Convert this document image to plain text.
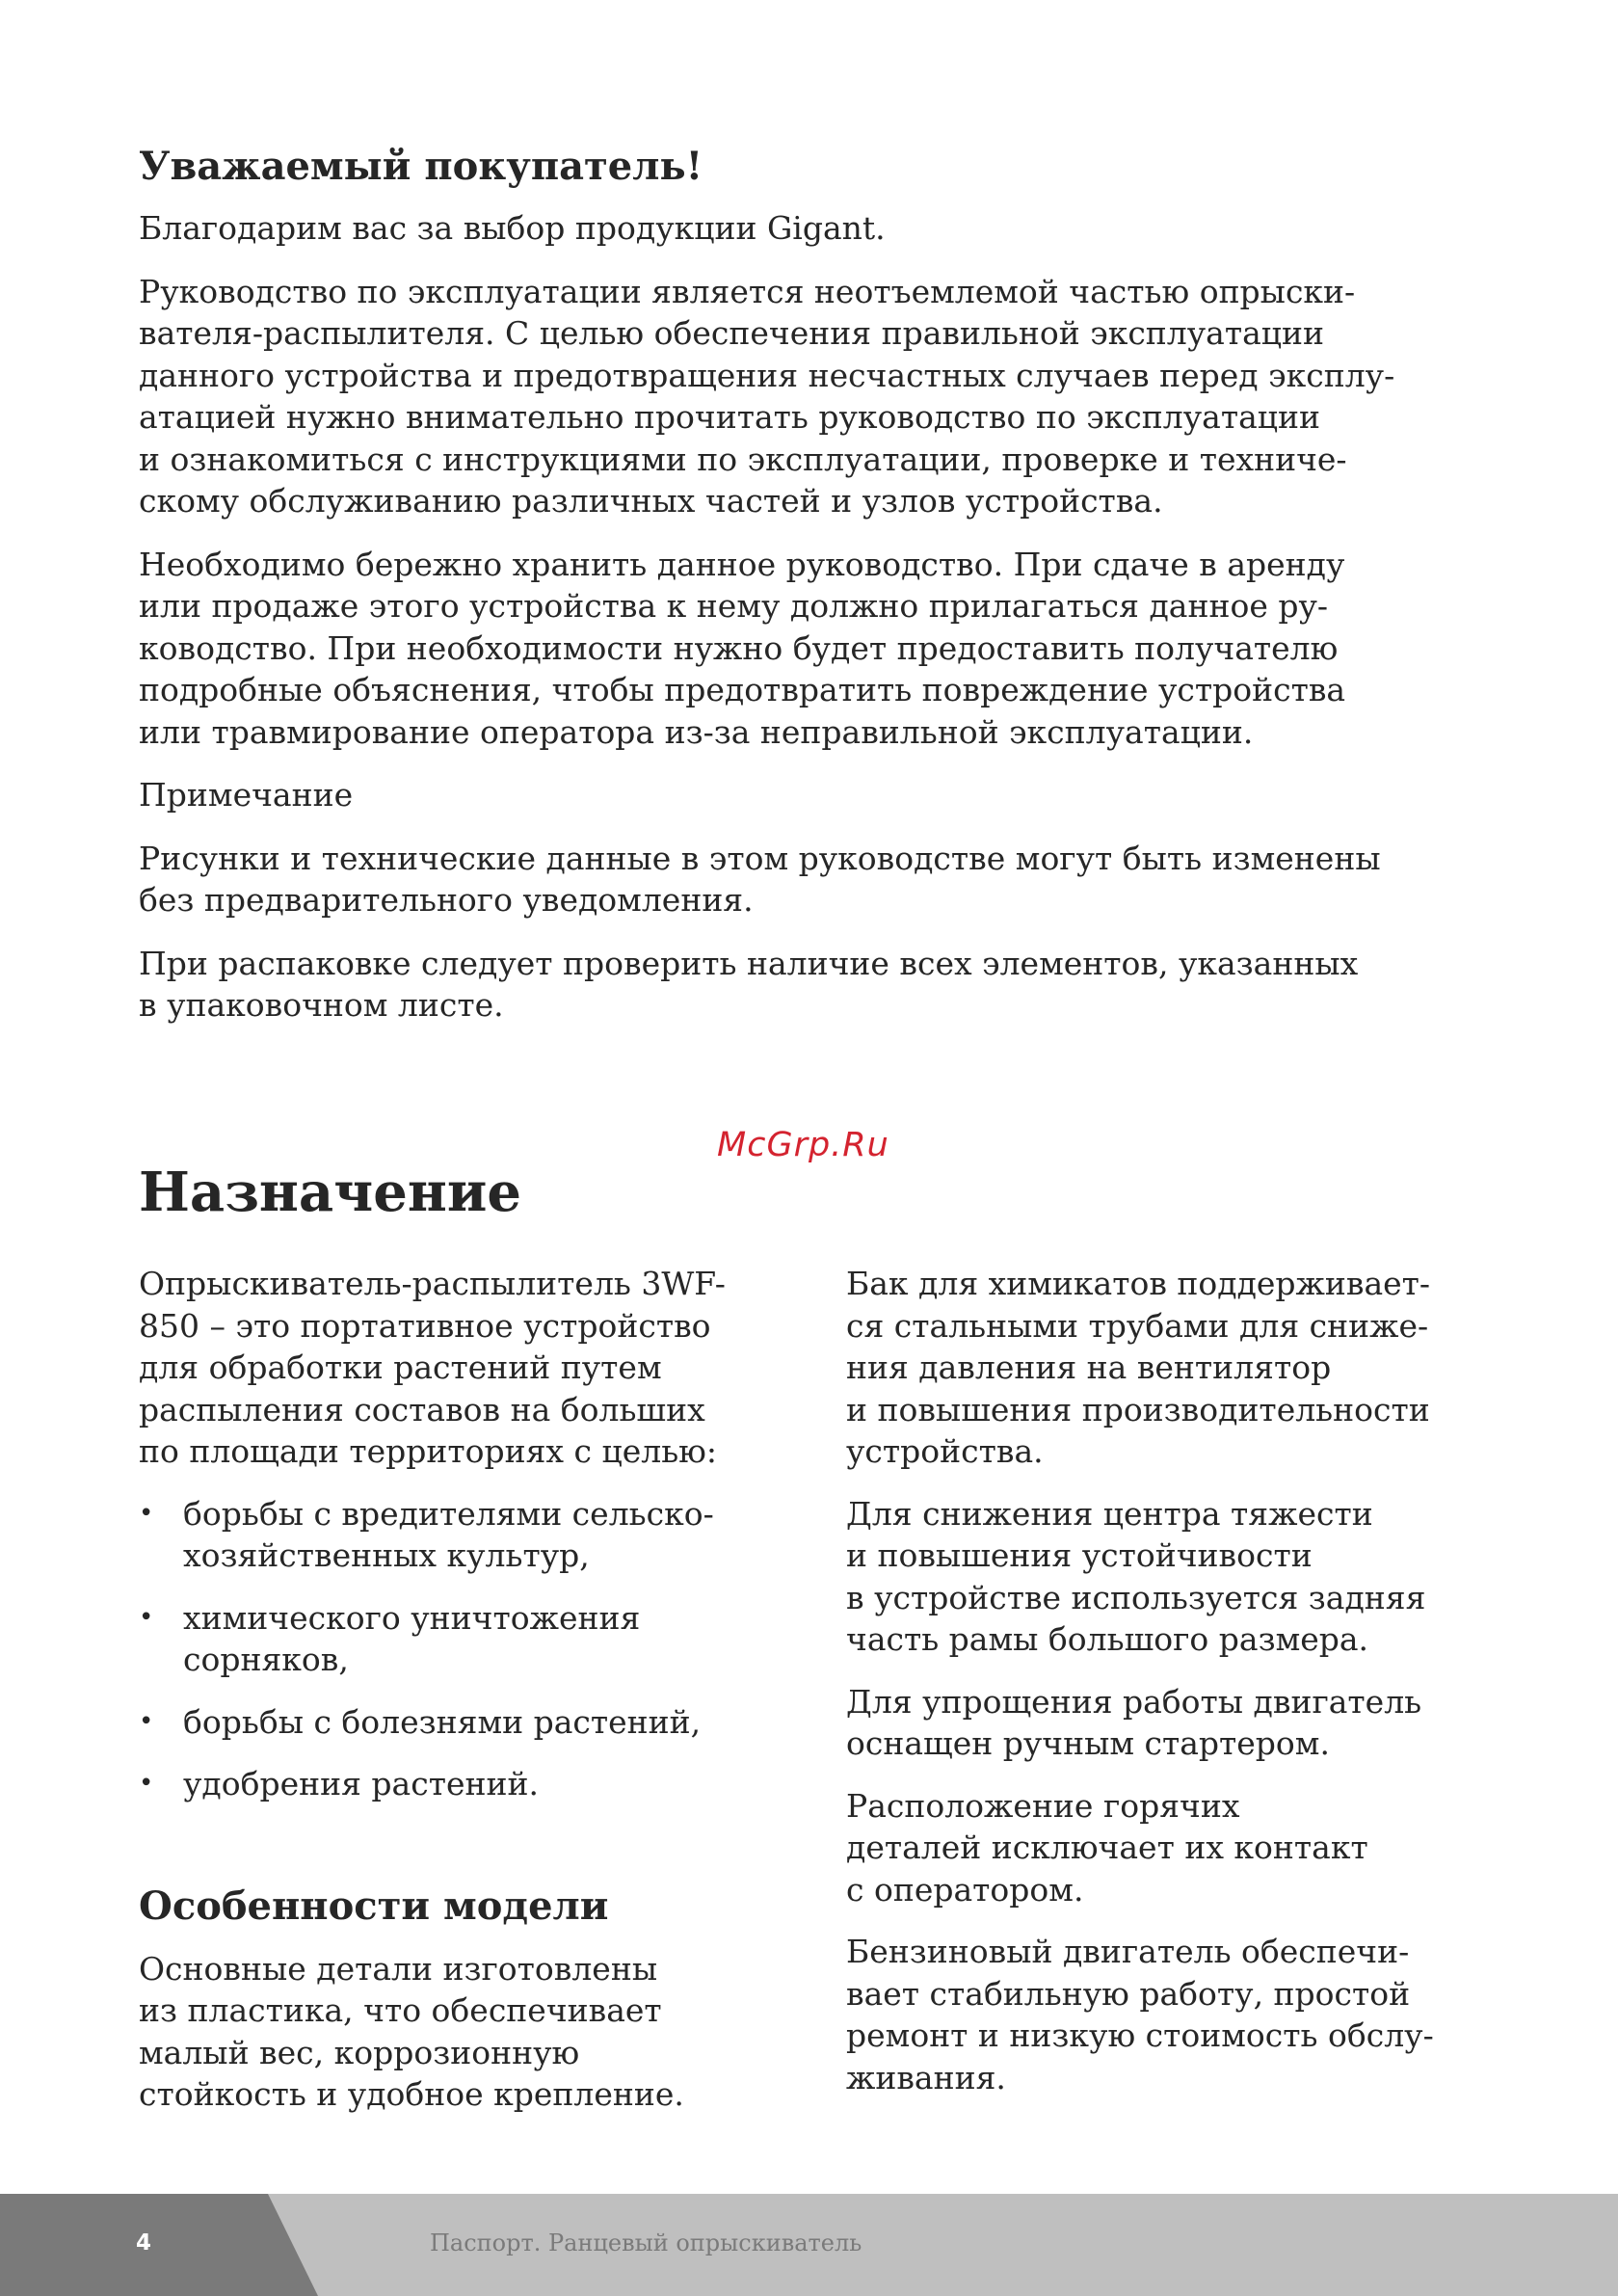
Уважаемый покупатель!

Благодарим вас за выбор продукции Gigant.

Руководство по эксплуатации является неотъемлемой частью опрыски-
вателя-распылителя. С целью обеспечения правильной эксплуатации
данного устройства и предотвращения несчастных случаев перед эксплу-
атацией нужно внимательно прочитать руководство по эксплуатации
и ознакомиться с инструкциями по эксплуатации, проверке и техниче-
скому обслуживанию различных частей и узлов устройства.

Необходимо бережно хранить данное руководство. При сдаче в аренду
или продаже этого устройства к нему должно прилагаться данное ру-
ководство. При необходимости нужно будет предоставить получателю
подробные объяснения, чтобы предотвратить повреждение устройства
или травмирование оператора из-за неправильной эксплуатации.

Примечание

Рисунки и технические данные в этом руководстве могут быть изменены
без предварительного уведомления.

При распаковке следует проверить наличие всех элементов, указанных
в упаковочном листе.

McGrp.Ru
Назначение

Опрыскиватель-распылитель 3WF-
850 – это портативное устройство
для обработки растений путем
распыления составов на больших
по площади территориях с целью:

• борьбы с вредителями сельско-
хозяйственных культур,
• химического уничтожения
сорняков,
• борьбы с болезнями растений,
• удобрения растений.
Особенности модели

Основные детали изготовлены
из пластика, что обеспечивает
малый вес, коррозионную
стойкость и удобное крепление.

Бак для химикатов поддерживает-
ся стальными трубами для сниже-
ния давления на вентилятор
и повышения производительности
устройства.

Для снижения центра тяжести
и повышения устойчивости
в устройстве используется задняя
часть рамы большого размера.

Для упрощения работы двигатель
оснащен ручным стартером.

Расположение горячих
деталей исключает их контакт
с оператором.

Бензиновый двигатель обеспечи-
вает стабильную работу, простой
ремонт и низкую стоимость обслу-
живания.

4	Паспорт. Ранцевый опрыскиватель
